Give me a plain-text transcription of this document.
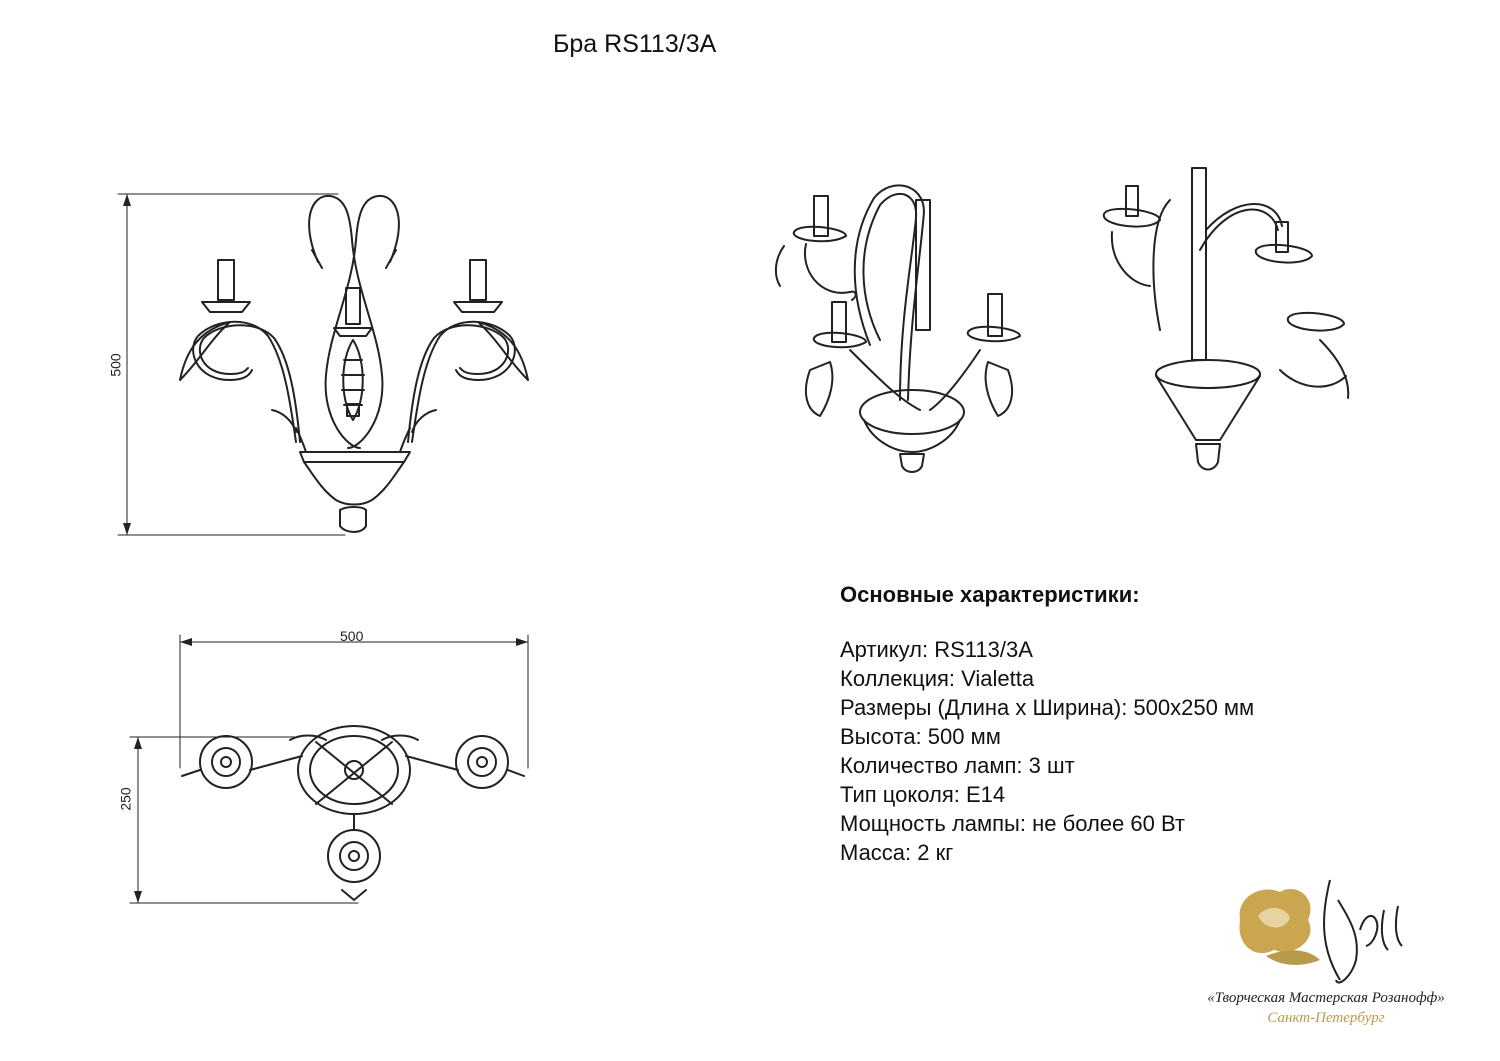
Бра RS113/3A
500
500
250
Основные характеристики:
Артикул: RS113/3A
Коллекция: Vialetta
Размеры (Длина х Ширина): 500х250 мм
Высота: 500 мм
Количество ламп: 3 шт
Тип цоколя: Е14
Мощность лампы: не более 60 Вт
Масса: 2 кг
«Творческая Мастерская Розанофф»
Санкт-Петербург
